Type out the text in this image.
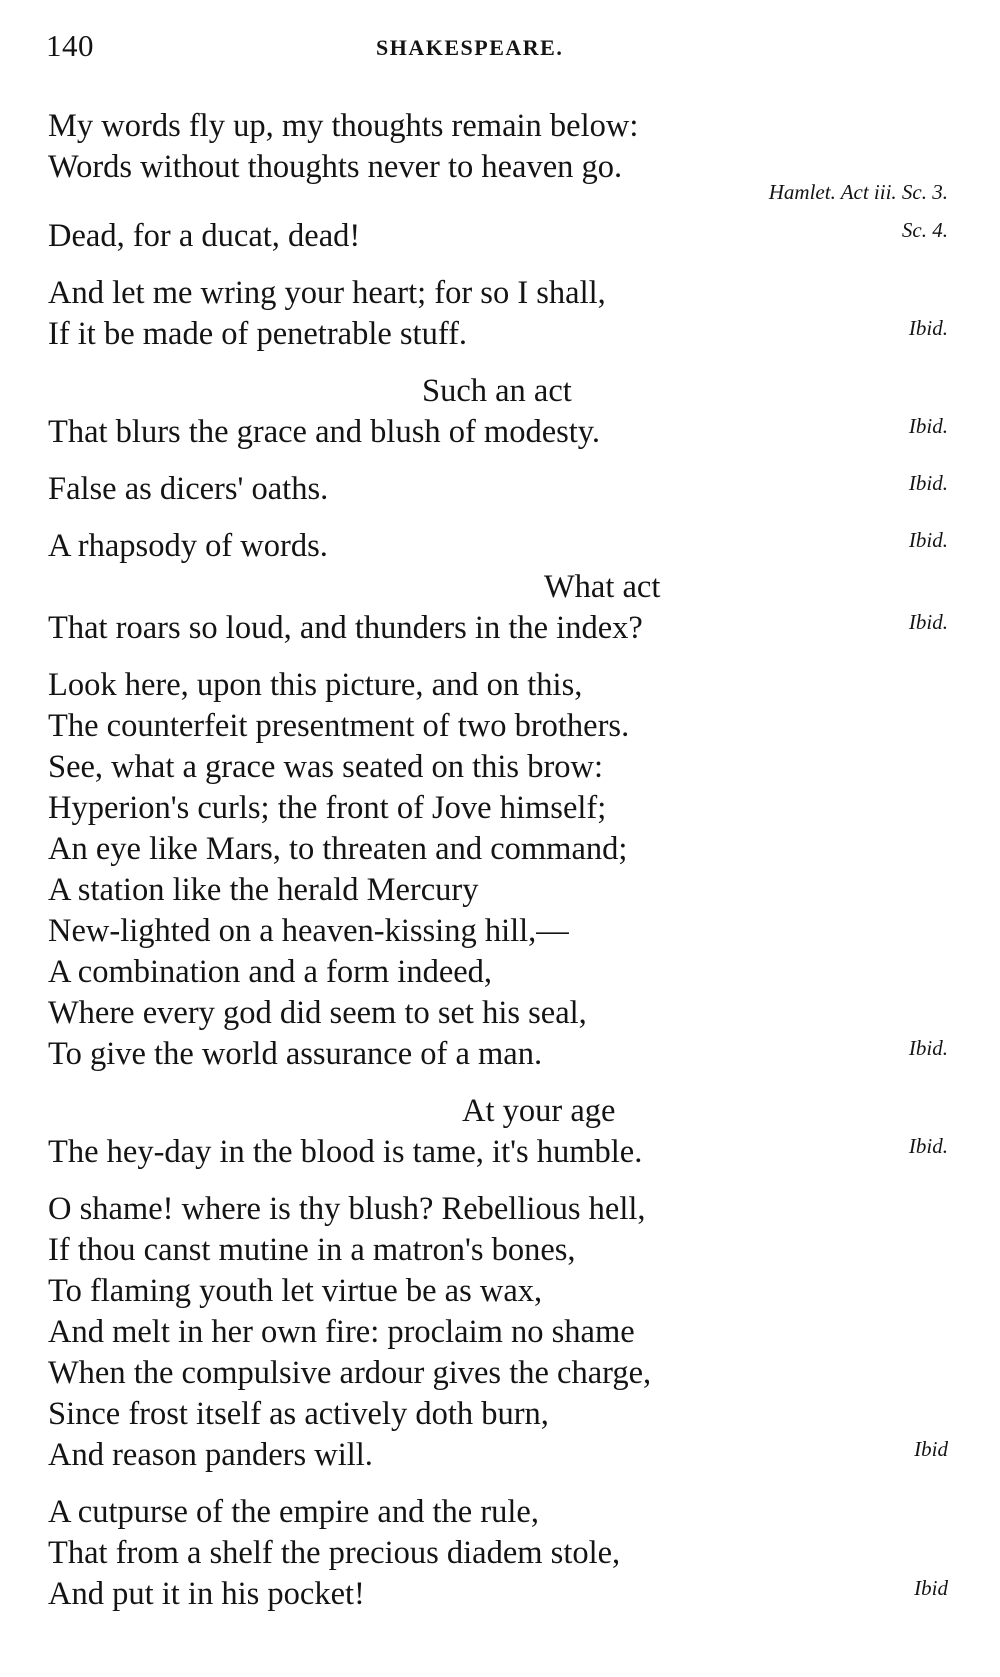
140	SHAKESPEARE.
My words fly up, my thoughts remain below:
Words without thoughts never to heaven go.
Hamlet. Act iii. Sc. 3.
Dead, for a ducat, dead!	Sc. 4.
And let me wring your heart; for so I shall,
If it be made of penetrable stuff.	Ibid.
Such an act
That blurs the grace and blush of modesty.	Ibid.
False as dicers' oaths.	Ibid.
A rhapsody of words.	Ibid.
What act
That roars so loud, and thunders in the index?	Ibid.
Look here, upon this picture, and on this,
The counterfeit presentment of two brothers.
See, what a grace was seated on this brow:
Hyperion's curls; the front of Jove himself;
An eye like Mars, to threaten and command;
A station like the herald Mercury
New-lighted on a heaven-kissing hill,—
A combination and a form indeed,
Where every god did seem to set his seal,
To give the world assurance of a man.	Ibid.
At your age
The hey-day in the blood is tame, it's humble.	Ibid.
O shame! where is thy blush? Rebellious hell,
If thou canst mutine in a matron's bones,
To flaming youth let virtue be as wax,
And melt in her own fire: proclaim no shame
When the compulsive ardour gives the charge,
Since frost itself as actively doth burn,
And reason panders will.	Ibid
A cutpurse of the empire and the rule,
That from a shelf the precious diadem stole,
And put it in his pocket!	Ibid
